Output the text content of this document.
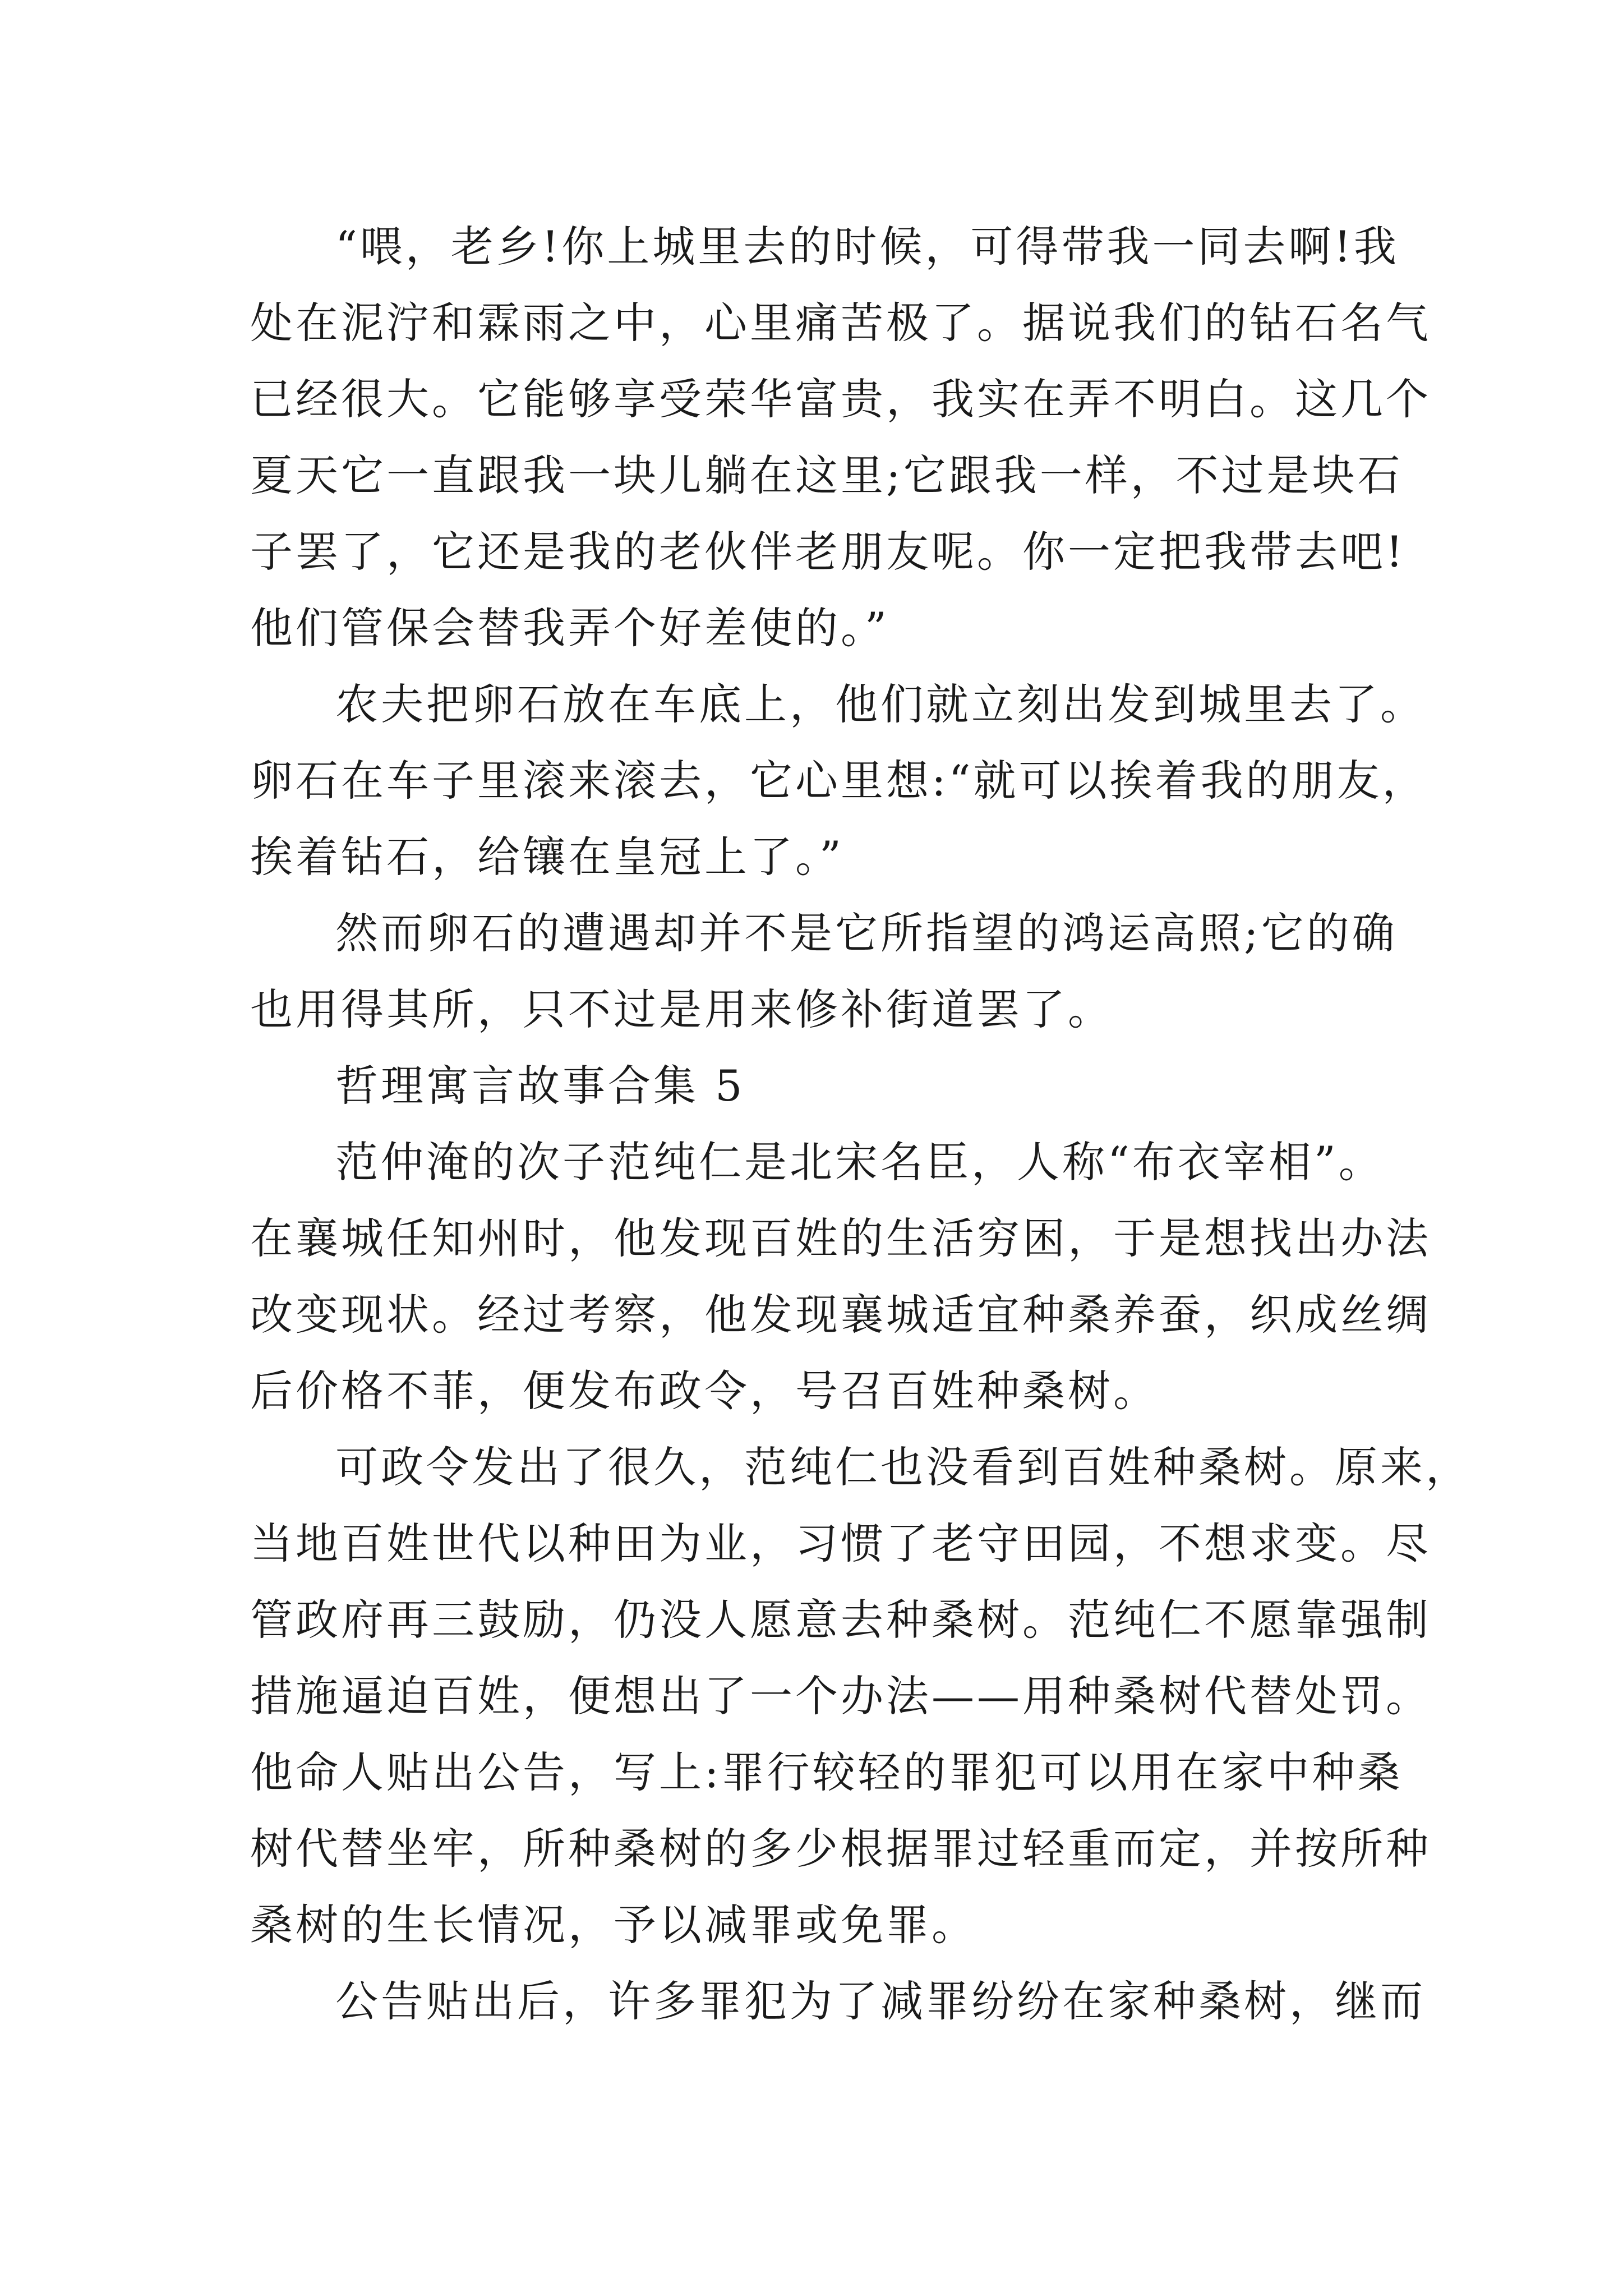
“喂，老乡!你上城里去的时候，可得带我一同去啊!我
处在泥泞和霖雨之中，心里痛苦极了。据说我们的钻石名气
已经很大。它能够享受荣华富贵，我实在弄不明白。这几个
夏天它一直跟我一块儿躺在这里;它跟我一样，不过是块石
子罢了，它还是我的老伙伴老朋友呢。你一定把我带去吧!
他们管保会替我弄个好差使的。”
农夫把卵石放在车底上，他们就立刻出发到城里去了。
卵石在车子里滚来滚去，它心里想:“就可以挨着我的朋友，
挨着钻石，给镶在皇冠上了。”
然而卵石的遭遇却并不是它所指望的鸿运高照;它的确
也用得其所，只不过是用来修补街道罢了。
哲理寓言故事合集 5
范仲淹的次子范纯仁是北宋名臣，人称“布衣宰相”。
在襄城任知州时，他发现百姓的生活穷困，于是想找出办法
改变现状。经过考察，他发现襄城适宜种桑养蚕，织成丝绸
后价格不菲，便发布政令，号召百姓种桑树。
可政令发出了很久，范纯仁也没看到百姓种桑树。原来，
当地百姓世代以种田为业，习惯了老守田园，不想求变。尽
管政府再三鼓励，仍没人愿意去种桑树。范纯仁不愿靠强制
措施逼迫百姓，便想出了一个办法——用种桑树代替处罚。
他命人贴出公告，写上:罪行较轻的罪犯可以用在家中种桑
树代替坐牢，所种桑树的多少根据罪过轻重而定，并按所种
桑树的生长情况，予以减罪或免罪。
公告贴出后，许多罪犯为了减罪纷纷在家种桑树，继而
